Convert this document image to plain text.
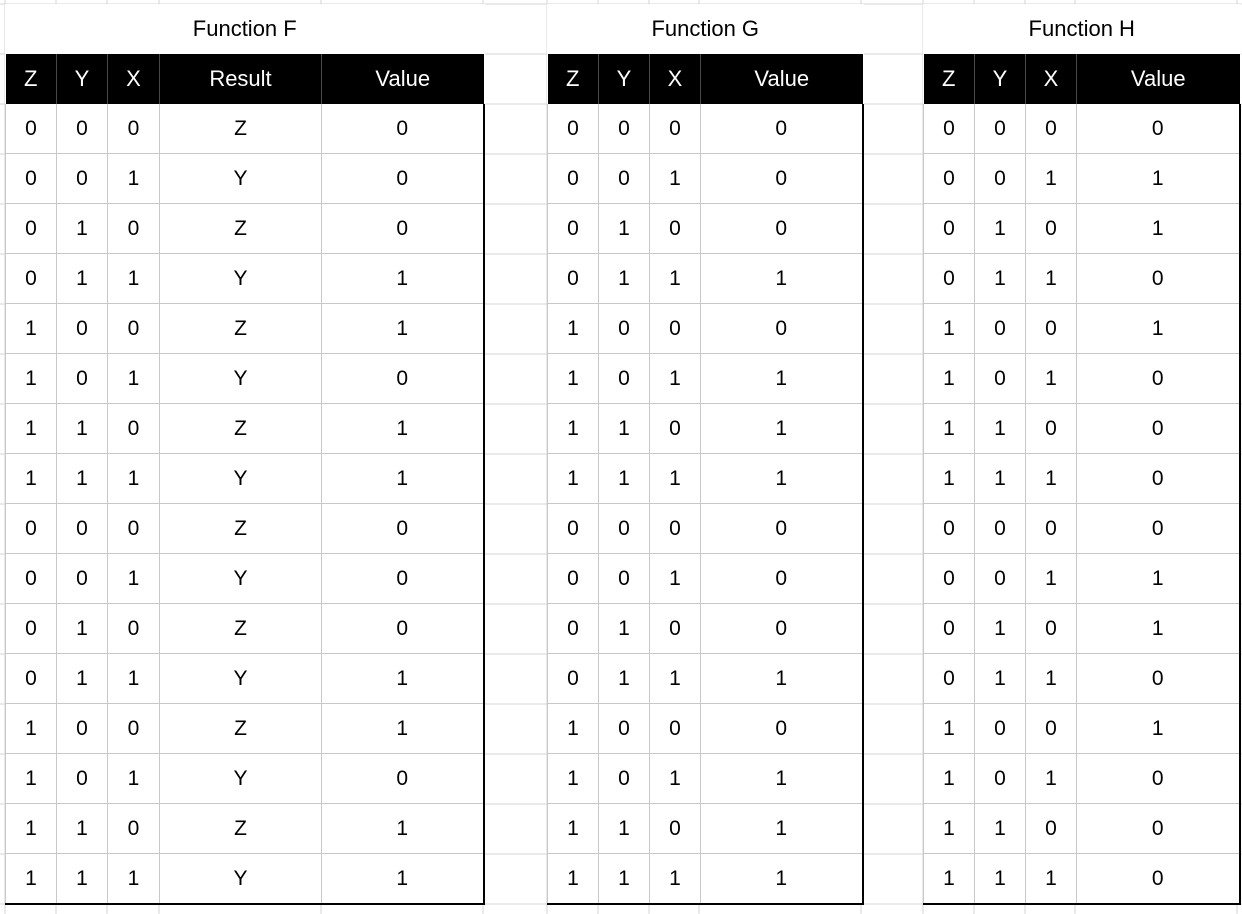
Function F
Z	Y	X	Result	Value
0	0	0	Z	0
0	0	1	Y	0
0	1	0	Z	0
0	1	1	Y	1
1	0	0	Z	1
1	0	1	Y	0
1	1	0	Z	1
1	1	1	Y	1
0	0	0	Z	0
0	0	1	Y	0
0	1	0	Z	0
0	1	1	Y	1
1	0	0	Z	1
1	0	1	Y	0
1	1	0	Z	1
1	1	1	Y	1
Function G
Z	Y	X	Value
0	0	0	0
0	0	1	0
0	1	0	0
0	1	1	1
1	0	0	0
1	0	1	1
1	1	0	1
1	1	1	1
0	0	0	0
0	0	1	0
0	1	0	0
0	1	1	1
1	0	0	0
1	0	1	1
1	1	0	1
1	1	1	1
Function H
Z	Y	X	Value
0	0	0	0
0	0	1	1
0	1	0	1
0	1	1	0
1	0	0	1
1	0	1	0
1	1	0	0
1	1	1	0
0	0	0	0
0	0	1	1
0	1	0	1
0	1	1	0
1	0	0	1
1	0	1	0
1	1	0	0
1	1	1	0
